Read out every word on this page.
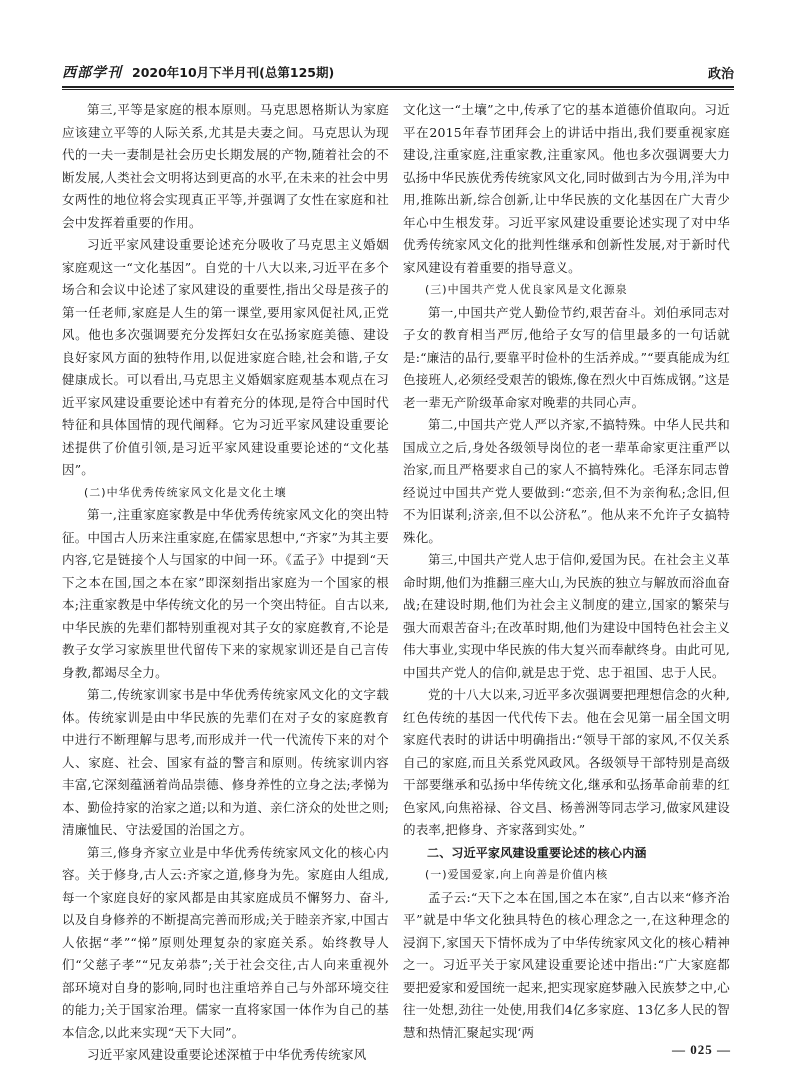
西部学刊 2020年10月下半月刊(总第125期)	政治

第三,平等是家庭的根本原则。马克思恩格斯认为家庭应该建立平等的人际关系,尤其是夫妻之间。马克思认为现代的一夫一妻制是社会历史长期发展的产物,随着社会的不断发展,人类社会文明将达到更高的水平,在未来的社会中男女两性的地位将会实现真正平等,并强调了女性在家庭和社会中发挥着重要的作用。

习近平家风建设重要论述充分吸收了马克思主义婚姻家庭观这一“文化基因”。自党的十八大以来,习近平在多个场合和会议中论述了家风建设的重要性,指出父母是孩子的第一任老师,家庭是人生的第一课堂,要用家风促社风,正党风。他也多次强调要充分发挥妇女在弘扬家庭美德、建设良好家风方面的独特作用,以促进家庭合睦,社会和谐,子女健康成长。可以看出,马克思主义婚姻家庭观基本观点在习近平家风建设重要论述中有着充分的体现,是符合中国时代特征和具体国情的现代阐释。它为习近平家风建设重要论述提供了价值引领,是习近平家风建设重要论述的“文化基因”。

(二)中华优秀传统家风文化是文化土壤

第一,注重家庭家教是中华优秀传统家风文化的突出特征。中国古人历来注重家庭,在儒家思想中,“齐家”为其主要内容,它是链接个人与国家的中间一环。《孟子》中提到“天下之本在国,国之本在家”即深刻指出家庭为一个国家的根本;注重家教是中华传统文化的另一个突出特征。自古以来,中华民族的先辈们都特别重视对其子女的家庭教育,不论是教子女学习家族里世代留传下来的家规家训还是自己言传身教,都竭尽全力。

第二,传统家训家书是中华优秀传统家风文化的文字载体。传统家训是由中华民族的先辈们在对子女的家庭教育中进行不断理解与思考,而形成并一代一代流传下来的对个人、家庭、社会、国家有益的警言和原则。传统家训内容丰富,它深刻蕴涵着尚品崇德、修身养性的立身之法;孝悌为本、勤俭持家的治家之道;以和为道、亲仁济众的处世之则;清廉恤民、守法爱国的治国之方。

第三,修身齐家立业是中华优秀传统家风文化的核心内容。关于修身,古人云:齐家之道,修身为先。家庭由人组成,每一个家庭良好的家风都是由其家庭成员不懈努力、奋斗,以及自身修养的不断提高完善而形成;关于睦亲齐家,中国古人依据“孝”“悌”原则处理复杂的家庭关系。始终教导人们“父慈子孝”“兄友弟恭”;关于社会交往,古人向来重视外部环境对自身的影响,同时也注重培养自己与外部环境交往的能力;关于国家治理。儒家一直将家国一体作为自己的基本信念,以此来实现“天下大同”。

习近平家风建设重要论述深植于中华优秀传统家风

文化这一“土壤”之中,传承了它的基本道德价值取向。习近平在2015年春节团拜会上的讲话中指出,我们要重视家庭建设,注重家庭,注重家教,注重家风。他也多次强调要大力弘扬中华民族优秀传统家风文化,同时做到古为今用,洋为中用,推陈出新,综合创新,让中华民族的文化基因在广大青少年心中生根发芽。习近平家风建设重要论述实现了对中华优秀传统家风文化的批判性继承和创新性发展,对于新时代家风建设有着重要的指导意义。

(三)中国共产党人优良家风是文化源泉

第一,中国共产党人勤俭节约,艰苦奋斗。刘伯承同志对子女的教育相当严厉,他给子女写的信里最多的一句话就是:“廉洁的品行,要靠平时俭朴的生活养成。”“要真能成为红色接班人,必须经受艰苦的锻炼,像在烈火中百炼成钢。”这是老一辈无产阶级革命家对晚辈的共同心声。

第二,中国共产党人严以齐家,不搞特殊。中华人民共和国成立之后,身处各级领导岗位的老一辈革命家更注重严以治家,而且严格要求自己的家人不搞特殊化。毛泽东同志曾经说过中国共产党人要做到:“恋亲,但不为亲徇私;念旧,但不为旧谋利;济亲,但不以公济私”。他从来不允许子女搞特殊化。

第三,中国共产党人忠于信仰,爱国为民。在社会主义革命时期,他们为推翻三座大山,为民族的独立与解放而浴血奋战;在建设时期,他们为社会主义制度的建立,国家的繁荣与强大而艰苦奋斗;在改革时期,他们为建设中国特色社会主义伟大事业,实现中华民族的伟大复兴而奉献终身。由此可见,中国共产党人的信仰,就是忠于党、忠于祖国、忠于人民。

党的十八大以来,习近平多次强调要把理想信念的火种,红色传统的基因一代代传下去。他在会见第一届全国文明家庭代表时的讲话中明确指出:“领导干部的家风,不仅关系自己的家庭,而且关系党风政风。各级领导干部特别是高级干部要继承和弘扬中华传统文化,继承和弘扬革命前辈的红色家风,向焦裕禄、谷文昌、杨善洲等同志学习,做家风建设的表率,把修身、齐家落到实处。”

二、习近平家风建设重要论述的核心内涵

(一)爱国爱家,向上向善是价值内核

孟子云:“天下之本在国,国之本在家”,自古以来“修齐治平”就是中华文化独具特色的核心理念之一,在这种理念的浸润下,家国天下情怀成为了中华传统家风文化的核心精神之一。习近平关于家风建设重要论述中指出:“广大家庭都要把爱家和爱国统一起来,把实现家庭梦融入民族梦之中,心往一处想,劲往一处使,用我们4亿多家庭、13亿多人民的智慧和热情汇聚起实现‘两

— 025 —
